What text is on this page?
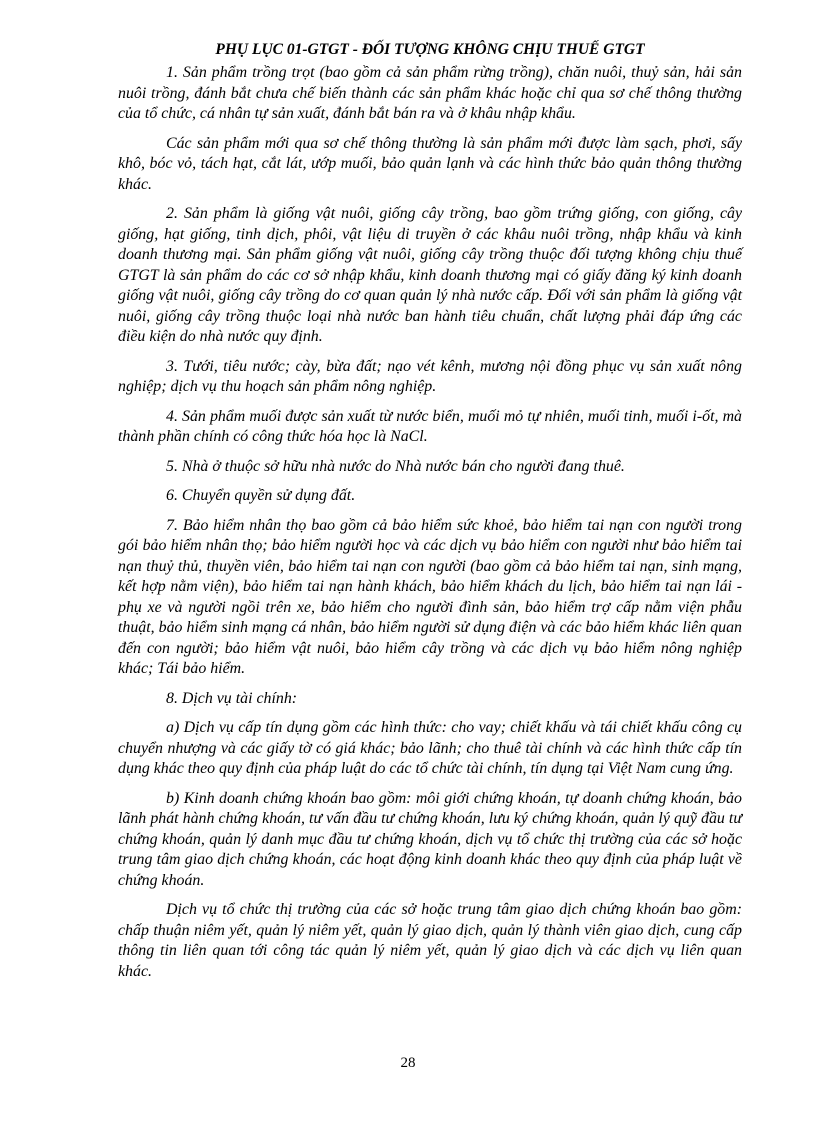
PHỤ LỤC 01-GTGT - ĐỐI TƯỢNG KHÔNG CHỊU THUẾ GTGT

1. Sản phẩm trồng trọt (bao gồm cả sản phẩm rừng trồng), chăn nuôi, thuỷ sản, hải sản nuôi trồng, đánh bắt chưa chế biến thành các sản phẩm khác hoặc chỉ qua sơ chế thông thường của tổ chức, cá nhân tự sản xuất, đánh bắt bán ra và ở khâu nhập khẩu.

Các sản phẩm mới qua sơ chế thông thường là sản phẩm mới được làm sạch, phơi, sấy khô, bóc vỏ, tách hạt, cắt lát, ướp muối, bảo quản lạnh và các hình thức bảo quản thông thường khác.

2. Sản phẩm là giống vật nuôi, giống cây trồng, bao gồm trứng giống, con giống, cây giống, hạt giống, tinh dịch, phôi, vật liệu di truyền ở các khâu nuôi trồng, nhập khẩu và kinh doanh thương mại. Sản phẩm giống vật nuôi, giống cây trồng thuộc đối tượng không chịu thuế GTGT là sản phẩm do các cơ sở nhập khẩu, kinh doanh thương mại có giấy đăng ký kinh doanh giống vật nuôi, giống cây trồng do cơ quan quản lý nhà nước cấp. Đối với sản phẩm là giống vật nuôi, giống cây trồng thuộc loại nhà nước ban hành tiêu chuẩn, chất lượng phải đáp ứng các điều kiện do nhà nước quy định.

3. Tưới, tiêu nước; cày, bừa đất; nạo vét kênh, mương nội đồng phục vụ sản xuất nông nghiệp; dịch vụ thu hoạch sản phẩm nông nghiệp.

4. Sản phẩm muối được sản xuất từ nước biển, muối mỏ tự nhiên, muối tinh, muối i-ốt, mà thành phần chính có công thức hóa học là NaCl.

5. Nhà ở thuộc sở hữu nhà nước do Nhà nước bán cho người đang thuê.

6. Chuyển quyền sử dụng đất.

7. Bảo hiểm nhân thọ bao gồm cả bảo hiểm sức khoẻ, bảo hiểm tai nạn con người trong gói bảo hiểm nhân thọ; bảo hiểm người học và các dịch vụ bảo hiểm con người như bảo hiểm tai nạn thuỷ thủ, thuyền viên, bảo hiểm tai nạn con người (bao gồm cả bảo hiểm tai nạn, sinh mạng, kết hợp nằm viện), bảo hiểm tai nạn hành khách, bảo hiểm khách du lịch, bảo hiểm tai nạn lái - phụ xe và người ngồi trên xe, bảo hiểm cho người đình sản, bảo hiểm trợ cấp nằm viện phẫu thuật, bảo hiểm sinh mạng cá nhân, bảo hiểm người sử dụng điện và các bảo hiểm khác liên quan đến con người; bảo hiểm vật nuôi, bảo hiểm cây trồng và các dịch vụ bảo hiểm nông nghiệp khác; Tái bảo hiểm.

8. Dịch vụ tài chính:

a) Dịch vụ cấp tín dụng gồm các hình thức: cho vay; chiết khấu và tái chiết khấu công cụ chuyển nhượng và các giấy tờ có giá khác; bảo lãnh; cho thuê tài chính và các hình thức cấp tín dụng khác theo quy định của pháp luật do các tổ chức tài chính, tín dụng tại Việt Nam cung ứng.

b) Kinh doanh chứng khoán bao gồm: môi giới chứng khoán, tự doanh chứng khoán, bảo lãnh phát hành chứng khoán, tư vấn đầu tư chứng khoán, lưu ký chứng khoán, quản lý quỹ đầu tư chứng khoán, quản lý danh mục đầu tư chứng khoán, dịch vụ tổ chức thị trường của các sở hoặc trung tâm giao dịch chứng khoán, các hoạt động kinh doanh khác theo quy định của pháp luật về chứng khoán.

Dịch vụ tổ chức thị trường của các sở hoặc trung tâm giao dịch chứng khoán bao gồm: chấp thuận niêm yết, quản lý niêm yết, quản lý giao dịch, quản lý thành viên giao dịch, cung cấp thông tin liên quan tới công tác quản lý niêm yết, quản lý giao dịch và các dịch vụ liên quan khác.

28
